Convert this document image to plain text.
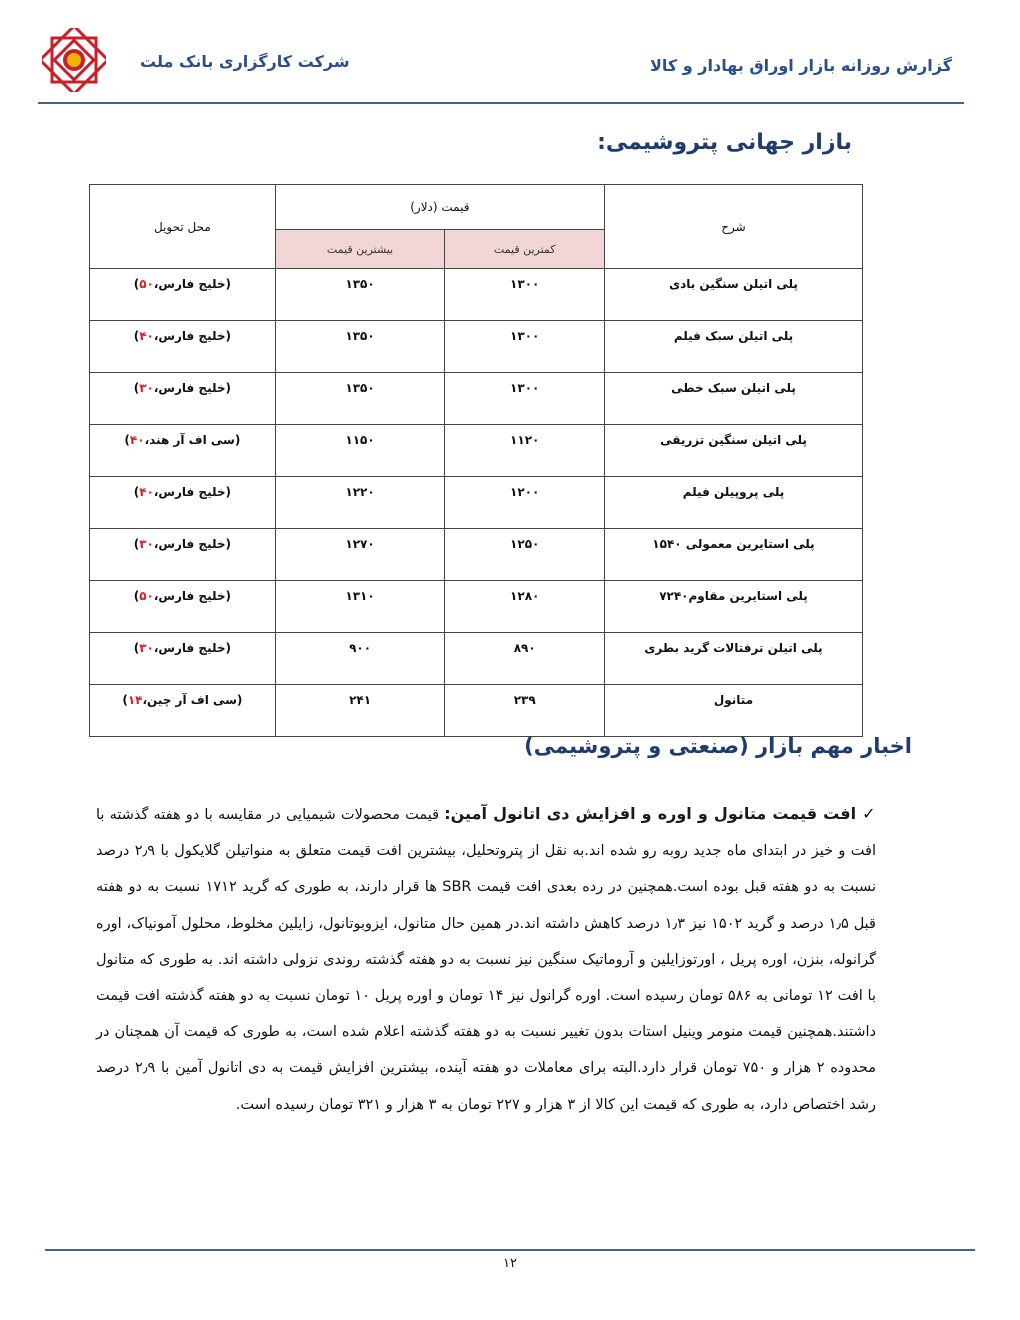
شرکت کارگزاری بانک ملت	گزارش روزانه بازار اوراق بهادار و کالا
بازار جهانی پتروشیمی:
شرح	قیمت (دلار)		محل تحویل
	کمترین قیمت	بیشترین قیمت	
پلی اتیلن سنگین بادی	۱۳۰۰	۱۳۵۰	(خلیج فارس،۵۰)
پلی اتیلن سبک فیلم	۱۳۰۰	۱۳۵۰	(خلیج فارس،۴۰)
پلی اتیلن سبک خطی	۱۳۰۰	۱۳۵۰	(خلیج فارس،۳۰)
پلی اتیلن سنگین تزریقی	۱۱۲۰	۱۱۵۰	(سی اف آر هند،۴۰)
پلی پروپیلن فیلم	۱۲۰۰	۱۲۲۰	(خلیج فارس،۴۰)
پلی استایرین معمولی ۱۵۴۰	۱۲۵۰	۱۲۷۰	(خلیج فارس،۳۰)
پلی استایرین مقاوم۷۲۴۰	۱۲۸۰	۱۳۱۰	(خلیج فارس،۵۰)
پلی اتیلن ترفتالات گرید بطری	۸۹۰	۹۰۰	(خلیج فارس،۳۰)
متانول	۲۳۹	۲۴۱	(سی اف آر چین،۱۴)
اخبار مهم بازار (صنعتی و پتروشیمی)
✓افت قیمت متانول و اوره و افزایش دی اتانول آمین: قیمت محصولات شیمیایی در مقایسه با دو هفته گذشته با افت و خیز در ابتدای ماه جدید روبه رو شده اند.به نقل از پتروتحلیل، بیشترین افت قیمت متعلق به منواتیلن گلایکول با ۲٫۹ درصد نسبت به دو هفته قبل بوده است.همچنین در رده بعدی افت قیمت SBR ها قرار دارند، به طوری که گرید ۱۷۱۲ نسبت به دو هفته قبل ۱٫۵ درصد و گرید ۱۵۰۲ نیز ۱٫۳ درصد کاهش داشته اند.در همین حال متانول، ایزوبوتانول، زایلین مخلوط، محلول آمونیاک، اوره گرانوله، بنزن، اوره پریل ، اورتوزایلین و آروماتیک سنگین نیز نسبت به دو هفته گذشته روندی نزولی داشته اند. به طوری که متانول با افت ۱۲ تومانی به ۵۸۶ تومان رسیده است. اوره گرانول نیز ۱۴ تومان و اوره پریل ۱۰ تومان نسبت به دو هفته گذشته افت قیمت داشتند.همچنین قیمت منومر وینیل استات بدون تغییر نسبت به دو هفته گذشته اعلام شده است، به طوری که قیمت آن همچنان در محدوده ۲ هزار و ۷۵۰ تومان قرار دارد.البته برای معاملات دو هفته آینده، بیشترین افزایش قیمت به دی اتانول آمین با ۲٫۹ درصد رشد اختصاص دارد، به طوری که قیمت این کالا از ۳ هزار و ۲۲۷ تومان به ۳ هزار و ۳۲۱ تومان رسیده است.
۱۲
